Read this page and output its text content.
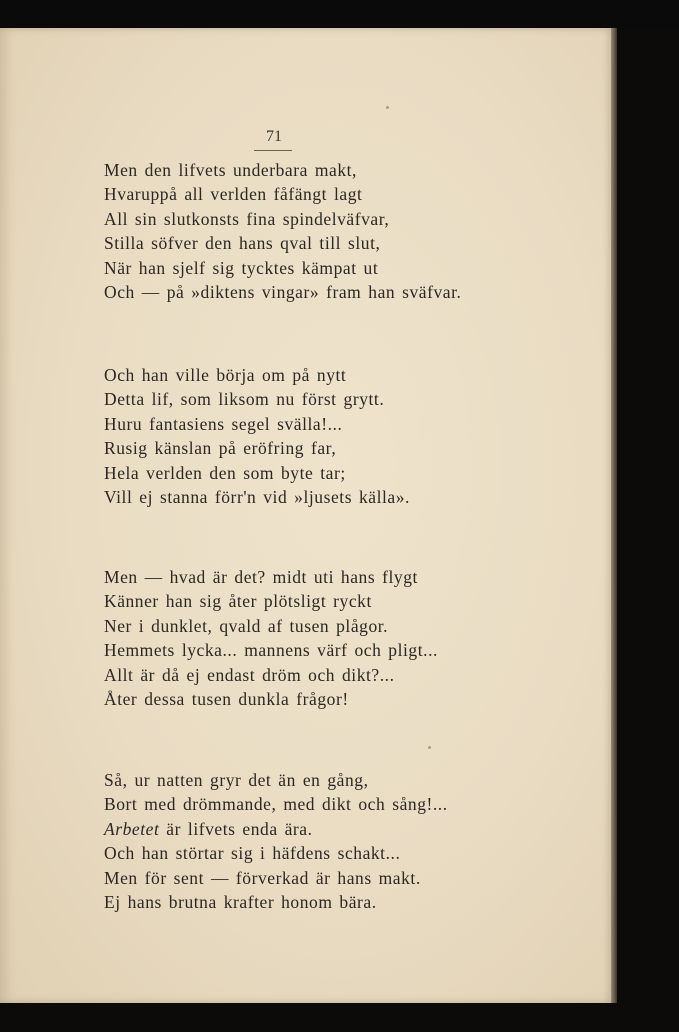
71
Men den lifvets underbara makt,
Hvaruppå all verlden fåfängt lagt
All sin slutkonsts fina spindelväfvar,
Stilla söfver den hans qval till slut,
När han sjelf sig tycktes kämpat ut
Och — på »diktens vingar» fram han sväfvar.
Och han ville börja om på nytt
Detta lif, som liksom nu först grytt.
Huru fantasiens segel svälla!...
Rusig känslan på eröfring far,
Hela verlden den som byte tar;
Vill ej stanna förr'n vid »ljusets källa».
Men — hvad är det? midt uti hans flygt
Känner han sig åter plötsligt ryckt
Ner i dunklet, qvald af tusen plågor.
Hemmets lycka... mannens värf och pligt...
Allt är då ej endast dröm och dikt?...
Åter dessa tusen dunkla frågor!
Så, ur natten gryr det än en gång,
Bort med drömmande, med dikt och sång!...
Arbetet är lifvets enda ära.
Och han störtar sig i häfdens schakt...
Men för sent — förverkad är hans makt.
Ej hans brutna krafter honom bära.
